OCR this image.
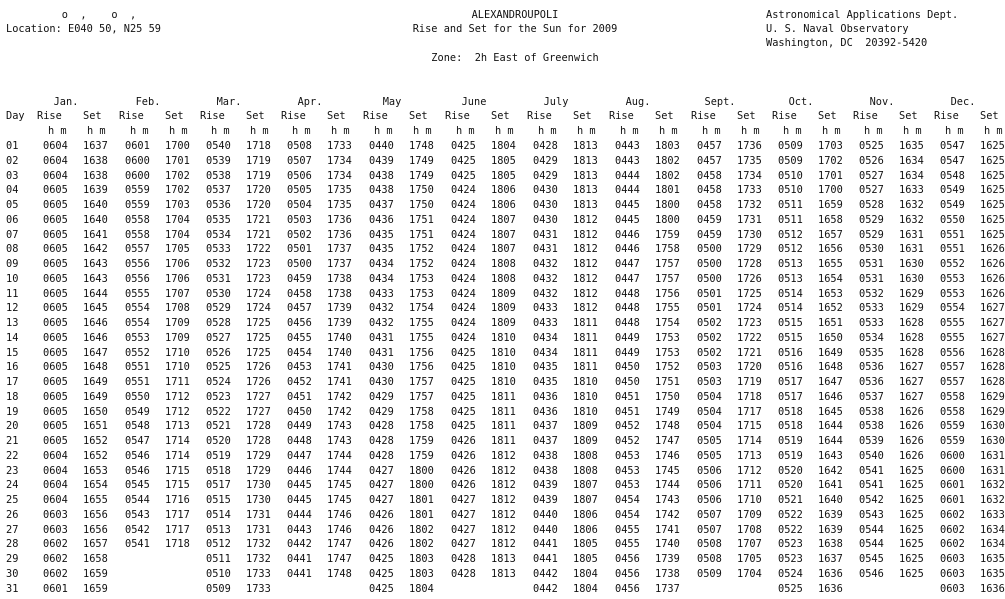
o  ,    o  ,
Location: E040 50, N25 59
ALEXANDROUPOLI
Rise and Set for the Sun for 2009
Astronomical Applications Dept.
U. S. Naval Observatory
Washington, DC  20392-5420
Zone:  2h East of Greenwich
Jan.	Feb.	Mar.	Apr.	May	June	July	Aug.	Sept.	Oct.	Nov.	Dec.
Day Rise Set Rise Set Rise Set Rise Set Rise Set Rise Set Rise Set Rise Set Rise Set Rise Set Rise Set Rise Set
h m h m h m h m h m h m h m h m h m h m h m h m h m h m h m h m h m h m h m h m h m h m h m h m
01 0604 1637 0601 1700 0540 1718 0508 1733 0440 1748 0425 1804 0428 1813 0443 1803 0457 1736 0509 1703 0525 1635 0547 1625
02 0604 1638 0600 1701 0539 1719 0507 1734 0439 1749 0425 1805 0429 1813 0443 1802 0457 1735 0509 1702 0526 1634 0547 1625
03 0604 1638 0600 1702 0538 1719 0506 1734 0438 1749 0425 1805 0429 1813 0444 1802 0458 1734 0510 1701 0527 1634 0548 1625
04 0605 1639 0559 1702 0537 1720 0505 1735 0438 1750 0424 1806 0430 1813 0444 1801 0458 1733 0510 1700 0527 1633 0549 1625
05 0605 1640 0559 1703 0536 1720 0504 1735 0437 1750 0424 1806 0430 1813 0445 1800 0458 1732 0511 1659 0528 1632 0549 1625
06 0605 1640 0558 1704 0535 1721 0503 1736 0436 1751 0424 1807 0430 1812 0445 1800 0459 1731 0511 1658 0529 1632 0550 1625
07 0605 1641 0558 1704 0534 1721 0502 1736 0435 1751 0424 1807 0431 1812 0446 1759 0459 1730 0512 1657 0529 1631 0551 1625
08 0605 1642 0557 1705 0533 1722 0501 1737 0435 1752 0424 1807 0431 1812 0446 1758 0500 1729 0512 1656 0530 1631 0551 1626
09 0605 1643 0556 1706 0532 1723 0500 1737 0434 1752 0424 1808 0432 1812 0447 1757 0500 1728 0513 1655 0531 1630 0552 1626
10 0605 1643 0556 1706 0531 1723 0459 1738 0434 1753 0424 1808 0432 1812 0447 1757 0500 1726 0513 1654 0531 1630 0553 1626
11 0605 1644 0555 1707 0530 1724 0458 1738 0433 1753 0424 1809 0432 1812 0448 1756 0501 1725 0514 1653 0532 1629 0553 1626
12 0605 1645 0554 1708 0529 1724 0457 1739 0432 1754 0424 1809 0433 1812 0448 1755 0501 1724 0514 1652 0533 1629 0554 1627
13 0605 1646 0554 1709 0528 1725 0456 1739 0432 1755 0424 1809 0433 1811 0448 1754 0502 1723 0515 1651 0533 1628 0555 1627
14 0605 1646 0553 1709 0527 1725 0455 1740 0431 1755 0424 1810 0434 1811 0449 1753 0502 1722 0515 1650 0534 1628 0555 1627
15 0605 1647 0552 1710 0526 1725 0454 1740 0431 1756 0425 1810 0434 1811 0449 1753 0502 1721 0516 1649 0535 1628 0556 1628
16 0605 1648 0551 1710 0525 1726 0453 1741 0430 1756 0425 1810 0435 1811 0450 1752 0503 1720 0516 1648 0536 1627 0557 1628
17 0605 1649 0551 1711 0524 1726 0452 1741 0430 1757 0425 1810 0435 1810 0450 1751 0503 1719 0517 1647 0536 1627 0557 1628
18 0605 1649 0550 1712 0523 1727 0451 1742 0429 1757 0425 1811 0436 1810 0451 1750 0504 1718 0517 1646 0537 1627 0558 1629
19 0605 1650 0549 1712 0522 1727 0450 1742 0429 1758 0425 1811 0436 1810 0451 1749 0504 1717 0518 1645 0538 1626 0558 1629
20 0605 1651 0548 1713 0521 1728 0449 1743 0428 1758 0425 1811 0437 1809 0452 1748 0504 1715 0518 1644 0538 1626 0559 1630
21 0605 1652 0547 1714 0520 1728 0448 1743 0428 1759 0426 1811 0437 1809 0452 1747 0505 1714 0519 1644 0539 1626 0559 1630
22 0604 1652 0546 1714 0519 1729 0447 1744 0428 1759 0426 1812 0438 1808 0453 1746 0505 1713 0519 1643 0540 1626 0600 1631
23 0604 1653 0546 1715 0518 1729 0446 1744 0427 1800 0426 1812 0438 1808 0453 1745 0506 1712 0520 1642 0541 1625 0600 1631
24 0604 1654 0545 1715 0517 1730 0445 1745 0427 1800 0426 1812 0439 1807 0453 1744 0506 1711 0520 1641 0541 1625 0601 1632
25 0604 1655 0544 1716 0515 1730 0445 1745 0427 1801 0427 1812 0439 1807 0454 1743 0506 1710 0521 1640 0542 1625 0601 1632
26 0603 1656 0543 1717 0514 1731 0444 1746 0426 1801 0427 1812 0440 1806 0454 1742 0507 1709 0522 1639 0543 1625 0602 1633
27 0603 1656 0542 1717 0513 1731 0443 1746 0426 1802 0427 1812 0440 1806 0455 1741 0507 1708 0522 1639 0544 1625 0602 1634
28 0602 1657 0541 1718 0512 1732 0442 1747 0426 1802 0427 1812 0441 1805 0455 1740 0508 1707 0523 1638 0544 1625 0602 1634
29 0602 1658	0511 1732 0441 1747 0425 1803 0428 1813 0441 1805 0456 1739 0508 1705 0523 1637 0545 1625 0603 1635
30 0602 1659	0510 1733 0441 1748 0425 1803 0428 1813 0442 1804 0456 1738 0509 1704 0524 1636 0546 1625 0603 1635
31 0601 1659	0509 1733	0425 1804	0442 1804 0456 1737	0525 1636	0603 1636
